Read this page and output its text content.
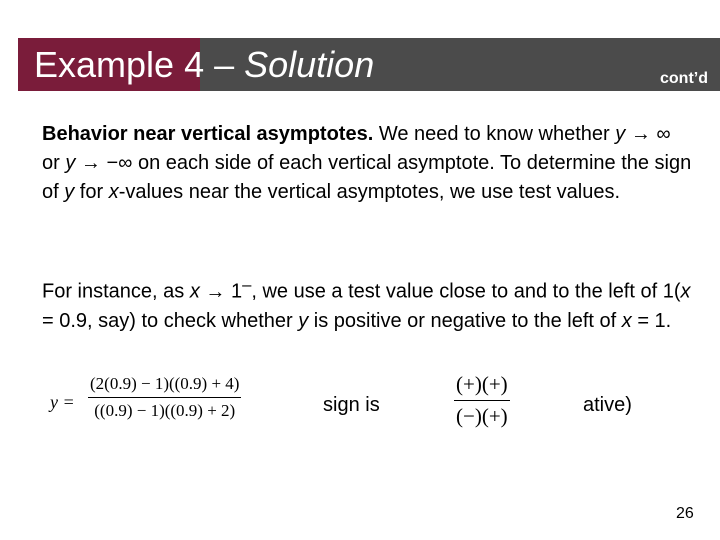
Example 4 – Solution	cont’d

Behavior near vertical asymptotes. We need to know whether y → ∞ or y → −∞ on each side of each vertical asymptote. To determine the sign of y for x-values near the vertical asymptotes, we use test values.

For instance, as x → 1–, we use a test value close to and to the left of 1(x = 0.9, say) to check whether y is positive or negative to the left of x = 1.

y =
(2(0.9) − 1)((0.9) + 4)
((0.9) − 1)((0.9) + 2)	sign is
(+)(+)
(−)(+)	ative)
26
